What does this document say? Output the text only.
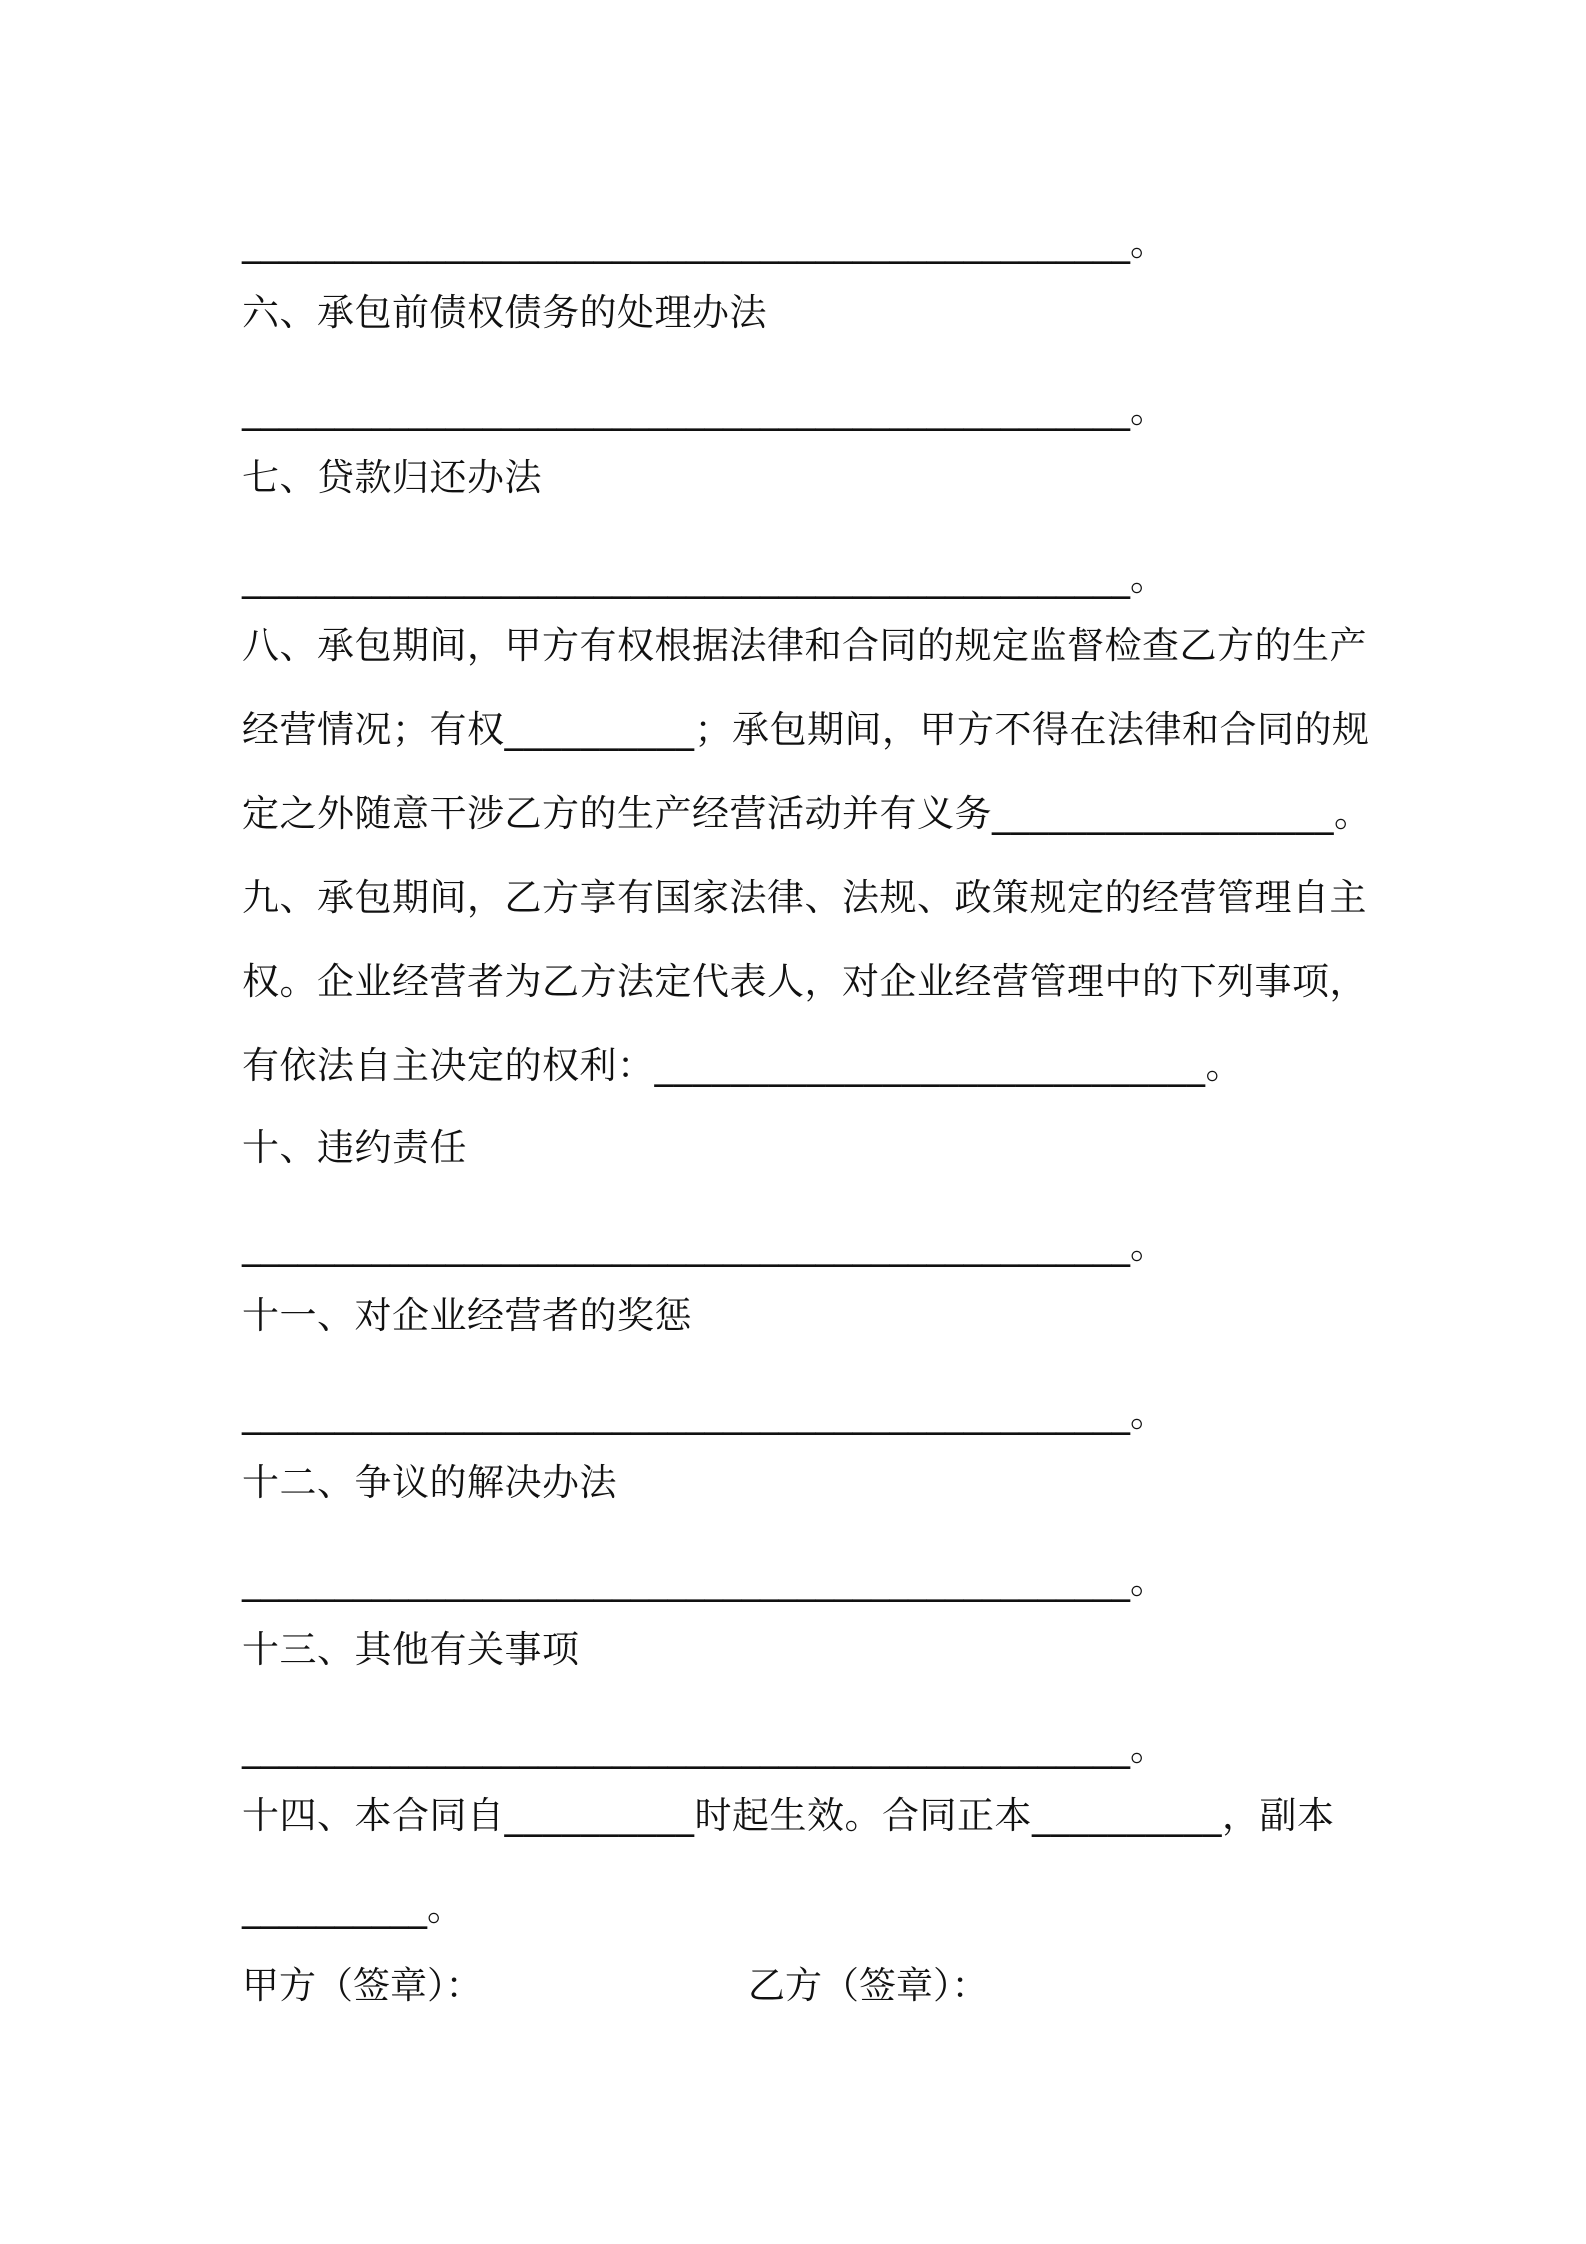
________________________________________________。
六、承包前债权债务的处理办法
________________________________________________。
七、贷款归还办法
________________________________________________。
八、承包期间，甲方有权根据法律和合同的规定监督检查乙方的生产
经营情况；有权__________；承包期间，甲方不得在法律和合同的规
定之外随意干涉乙方的生产经营活动并有义务__________________。
九、承包期间，乙方享有国家法律、法规、政策规定的经营管理自主
权。企业经营者为乙方法定代表人，对企业经营管理中的下列事项，
有依法自主决定的权利：_____________________________。
十、违约责任
________________________________________________。
十一、对企业经营者的奖惩
________________________________________________。
十二、争议的解决办法
________________________________________________。
十三、其他有关事项
________________________________________________。
十四、本合同自__________时起生效。合同正本__________，副本
__________。
甲方（签章）：	乙方（签章）：
